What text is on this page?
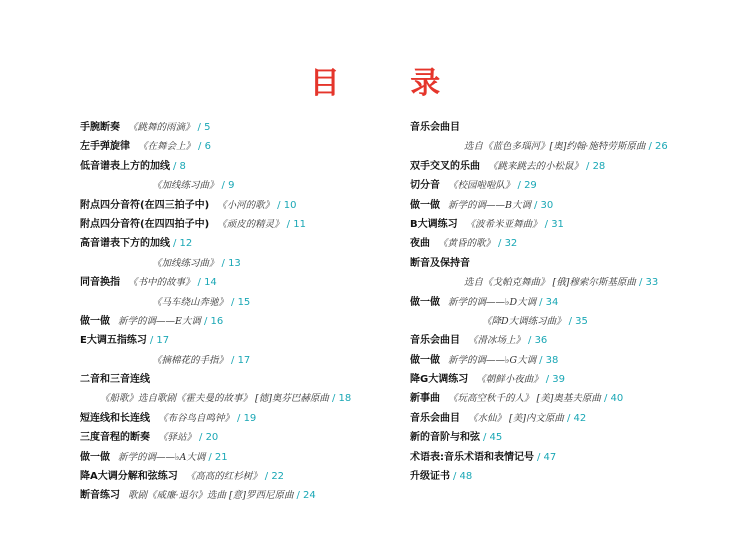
目 录
手腕断奏 《跳舞的雨滴》 / 5
左手弹旋律 《在舞会上》 / 6
低音谱表上方的加线 / 8
《加线练习曲》 / 9
附点四分音符(在四三拍子中) 《小河的歌》 / 10
附点四分音符(在四四拍子中) 《顽皮的精灵》 / 11
高音谱表下方的加线 / 12
《加线练习曲》 / 13
同音换指 《书中的故事》 / 14
《马车绕山奔驰》 / 15
做一做 新学的调——E大调 / 16
E大调五指练习 / 17
《摘棉花的手指》 / 17
二音和三音连线
《船歌》选自歌剧《霍夫曼的故事》 [德]奥芬巴赫原曲 / 18
短连线和长连线 《布谷鸟自鸣钟》 / 19
三度音程的断奏 《驿站》 / 20
做一做 新学的调——♭A大调 / 21
降A大调分解和弦练习 《高高的红杉树》 / 22
断音练习 歌剧《威廉·退尔》选曲 [意]罗西尼原曲 / 24
音乐会曲目
选自《蓝色多瑙河》[奥]约翰·施特劳斯原曲 / 26
双手交叉的乐曲 《跳来跳去的小松鼠》 / 28
切分音 《校园啦啦队》 / 29
做一做 新学的调——B大调 / 30
B大调练习 《波希米亚舞曲》 / 31
夜曲 《黄昏的歌》 / 32
断音及保持音
选自《戈帕克舞曲》 [俄]穆索尔斯基原曲 / 33
做一做 新学的调——♭D大调 / 34
《降D大调练习曲》 / 35
音乐会曲目 《滑冰场上》 / 36
做一做 新学的调——♭G大调 / 38
降G大调练习 《朝鲜小夜曲》 / 39
新事曲 《玩高空秋千的人》 [美]奥基夫原曲 / 40
音乐会曲目 《水仙》 [美]内文原曲 / 42
新的音阶与和弦 / 45
术语表:音乐术语和表情记号 / 47
升级证书 / 48
